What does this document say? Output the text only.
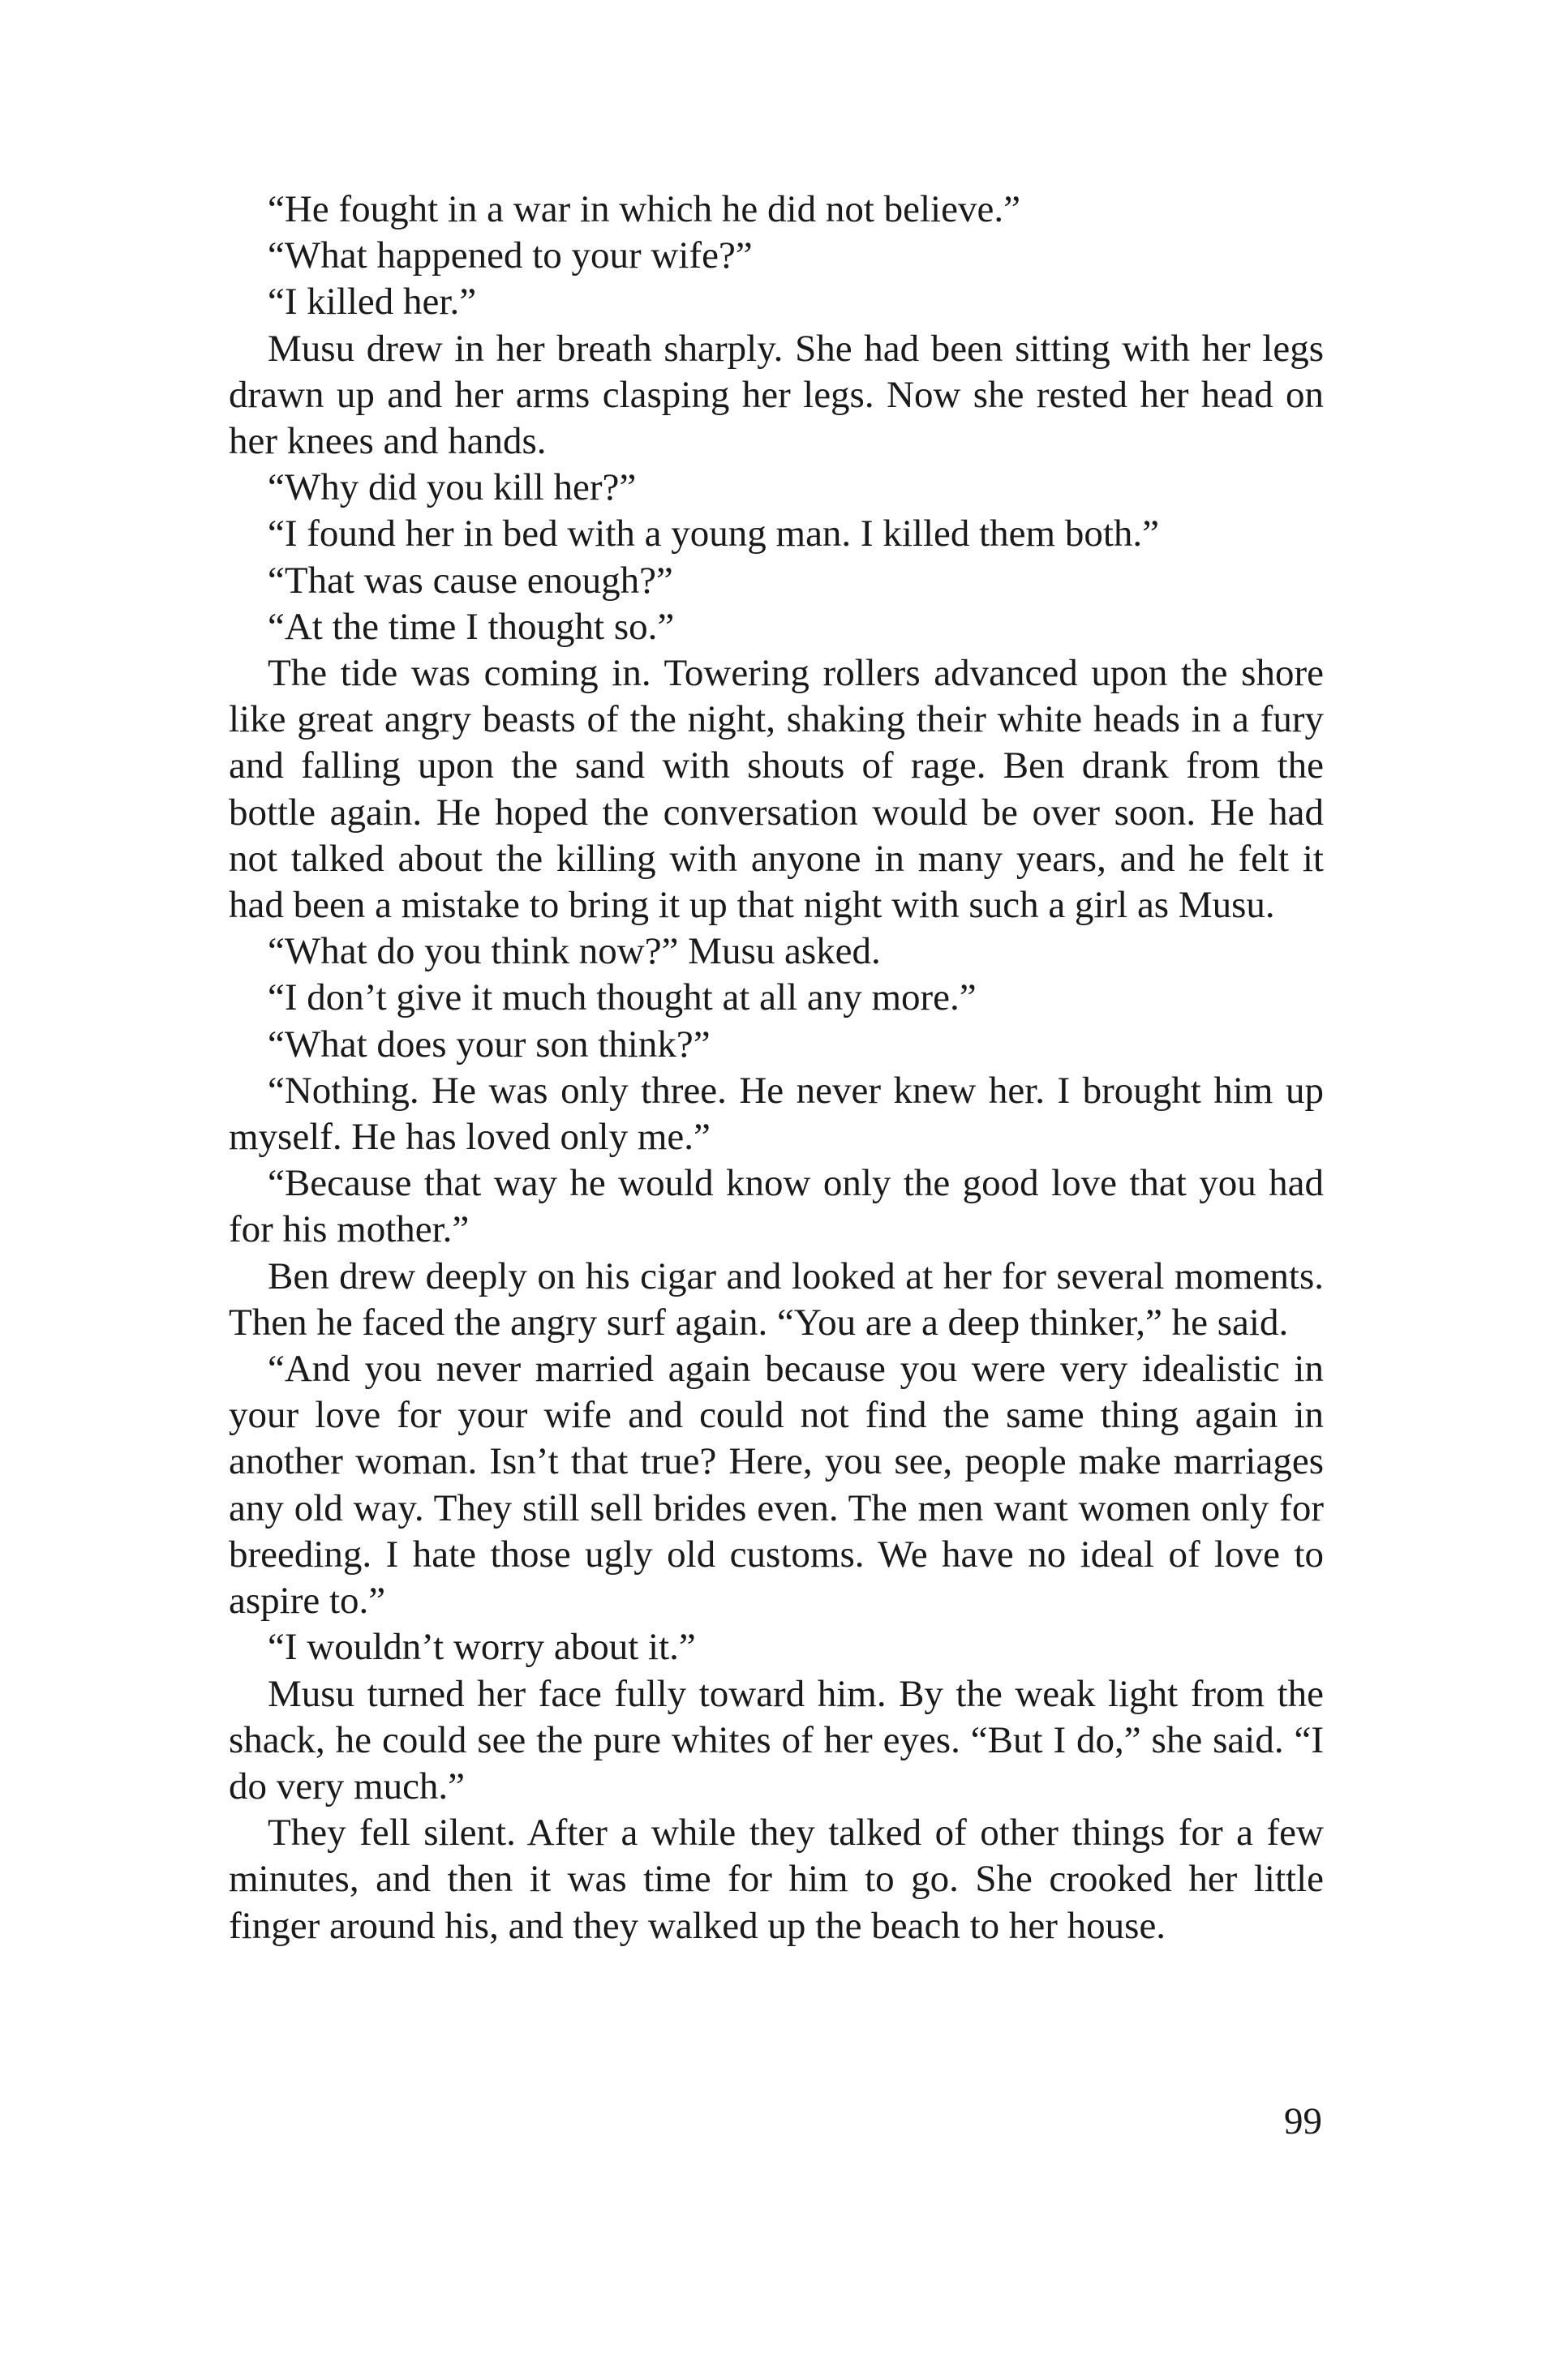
“He fought in a war in which he did not believe.”

“What happened to your wife?”

“I killed her.”

Musu drew in her breath sharply. She had been sitting with her legs drawn up and her arms clasping her legs. Now she rested her head on her knees and hands.

“Why did you kill her?”

“I found her in bed with a young man. I killed them both.”

“That was cause enough?”

“At the time I thought so.”

The tide was coming in. Towering rollers advanced upon the shore like great angry beasts of the night, shaking their white heads in a fury and falling upon the sand with shouts of rage. Ben drank from the bottle again. He hoped the conversation would be over soon. He had not talked about the killing with anyone in many years, and he felt it had been a mistake to bring it up that night with such a girl as Musu.

“What do you think now?” Musu asked.

“I don’t give it much thought at all any more.”

“What does your son think?”

“Nothing. He was only three. He never knew her. I brought him up myself. He has loved only me.”

“Because that way he would know only the good love that you had for his mother.”

Ben drew deeply on his cigar and looked at her for several moments. Then he faced the angry surf again. “You are a deep thinker,” he said.

“And you never married again because you were very idealistic in your love for your wife and could not find the same thing again in another woman. Isn’t that true? Here, you see, people make marriages any old way. They still sell brides even. The men want women only for breeding. I hate those ugly old customs. We have no ideal of love to aspire to.”

“I wouldn’t worry about it.”

Musu turned her face fully toward him. By the weak light from the shack, he could see the pure whites of her eyes. “But I do,” she said. “I do very much.”

They fell silent. After a while they talked of other things for a few minutes, and then it was time for him to go. She crooked her little finger around his, and they walked up the beach to her house.

99
